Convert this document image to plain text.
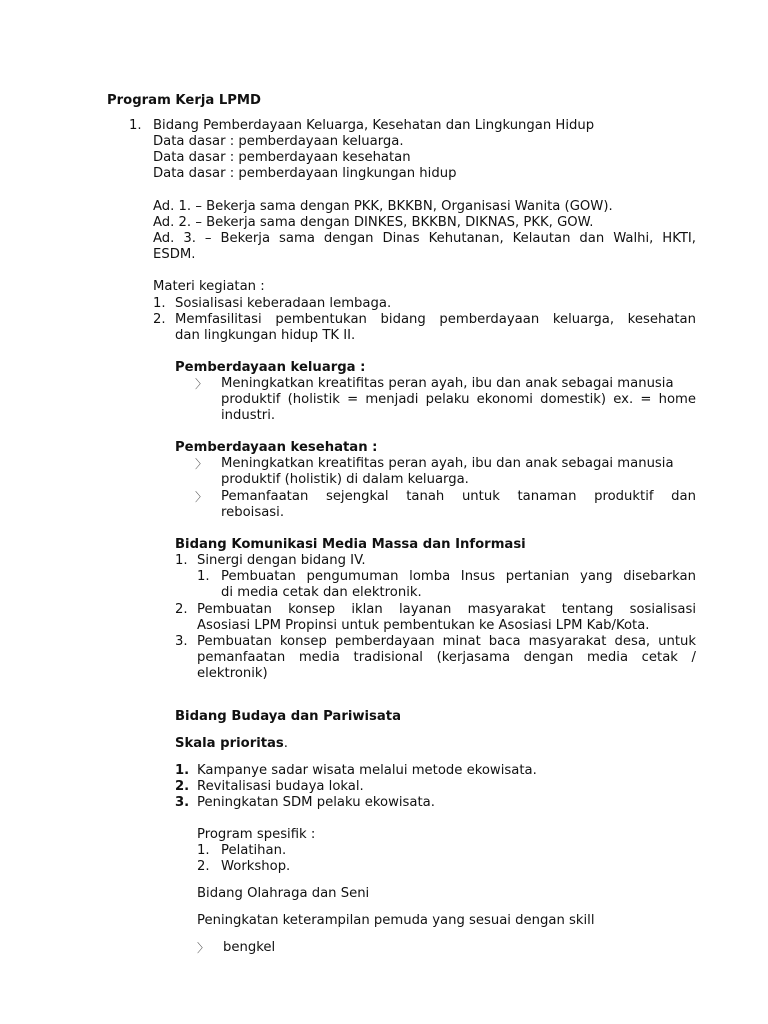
Program Kerja LPMD
1. Bidang Pemberdayaan Keluarga, Kesehatan dan Lingkungan Hidup
Data dasar : pemberdayaan keluarga.
Data dasar : pemberdayaan kesehatan
Data dasar : pemberdayaan lingkungan hidup
Ad. 1. – Bekerja sama dengan PKK, BKKBN, Organisasi Wanita (GOW).
Ad. 2. – Bekerja sama dengan DINKES, BKKBN, DIKNAS, PKK, GOW.
Ad. 3. – Bekerja sama dengan Dinas Kehutanan, Kelautan dan Walhi, HKTI,
ESDM.
Materi kegiatan :
1. Sosialisasi keberadaan lembaga.
2. Memfasilitasi pembentukan bidang pemberdayaan keluarga, kesehatan
dan lingkungan hidup TK II.
Pemberdayaan keluarga :
〉 Meningkatkan kreatifitas peran ayah, ibu dan anak sebagai manusia
produktif (holistik = menjadi pelaku ekonomi domestik) ex. = home
industri.
Pemberdayaan kesehatan :
〉 Meningkatkan kreatifitas peran ayah, ibu dan anak sebagai manusia
produktif (holistik) di dalam keluarga.
〉 Pemanfaatan sejengkal tanah untuk tanaman produktif dan
reboisasi.
Bidang Komunikasi Media Massa dan Informasi
1. Sinergi dengan bidang IV.
1. Pembuatan pengumuman lomba Insus pertanian yang disebarkan
di media cetak dan elektronik.
2. Pembuatan konsep iklan layanan masyarakat tentang sosialisasi
Asosiasi LPM Propinsi untuk pembentukan ke Asosiasi LPM Kab/Kota.
3. Pembuatan konsep pemberdayaan minat baca masyarakat desa, untuk
pemanfaatan media tradisional (kerjasama dengan media cetak /
elektronik)
Bidang Budaya dan Pariwisata
Skala prioritas.
1. Kampanye sadar wisata melalui metode ekowisata.
2. Revitalisasi budaya lokal.
3. Peningkatan SDM pelaku ekowisata.
Program spesifik :
1. Pelatihan.
2. Workshop.
Bidang Olahraga dan Seni
Peningkatan keterampilan pemuda yang sesuai dengan skill
〉 bengkel
